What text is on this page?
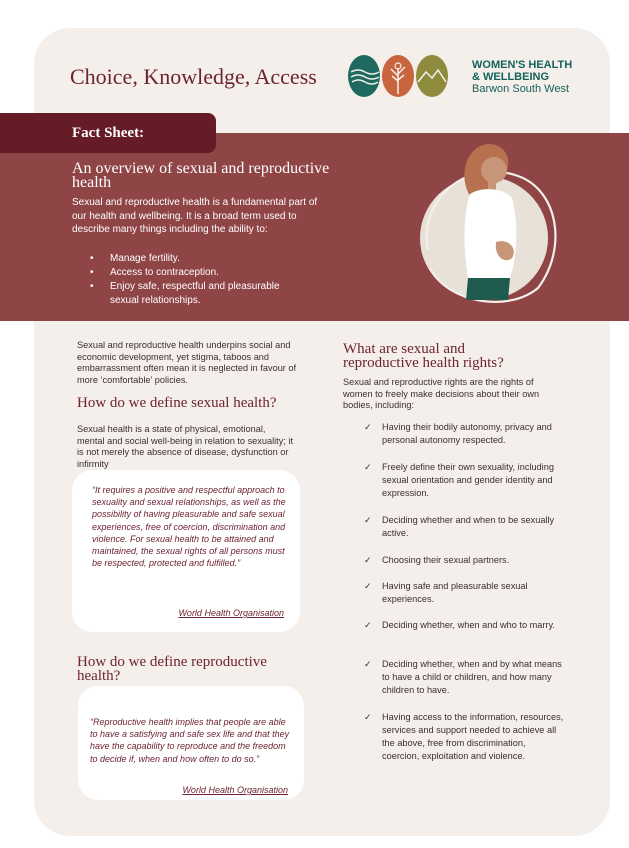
Choice, Knowledge, Access	WOMEN'S HEALTH
& WELLBEING
Barwon South West
Fact Sheet:
An overview of sexual and reproductive health
Sexual and reproductive health is a fundamental part of our health and wellbeing. It is a broad term used to describe many things including the ability to:
• Manage fertility.
• Access to contraception.
• Enjoy safe, respectful and pleasurable sexual relationships.
Sexual and reproductive health underpins social and economic development, yet stigma, taboos and embarrassment often mean it is neglected in favour of more ‘comfortable’ policies.
How do we define sexual health?
Sexual health is a state of physical, emotional, mental and social well-being in relation to sexuality; it is not merely the absence of disease, dysfunction or infirmity
“It requires a positive and respectful approach to sexuality and sexual relationships, as well as the possibility of having pleasurable and safe sexual experiences, free of coercion, discrimination and violence. For sexual health to be attained and maintained, the sexual rights of all persons must be respected, protected and fulfilled.”
World Health Organisation
How do we define reproductive health?
“Reproductive health implies that people are able to have a satisfying and safe sex life and that they have the capability to reproduce and the freedom to decide if, when and how often to do so.”
World Health Organisation
What are sexual and reproductive health rights?
Sexual and reproductive rights are the rights of women to freely make decisions about their own bodies, including:
✓ Having their bodily autonomy, privacy and personal autonomy respected.
✓ Freely define their own sexuality, including sexual orientation and gender identity and expression.
✓ Deciding whether and when to be sexually active.
✓ Choosing their sexual partners.
✓ Having safe and pleasurable sexual experiences.
✓ Deciding whether, when and who to marry.
✓ Deciding whether, when and by what means to have a child or children, and how many children to have.
✓ Having access to the information, resources, services and support needed to achieve all the above, free from discrimination, coercion, exploitation and violence.
